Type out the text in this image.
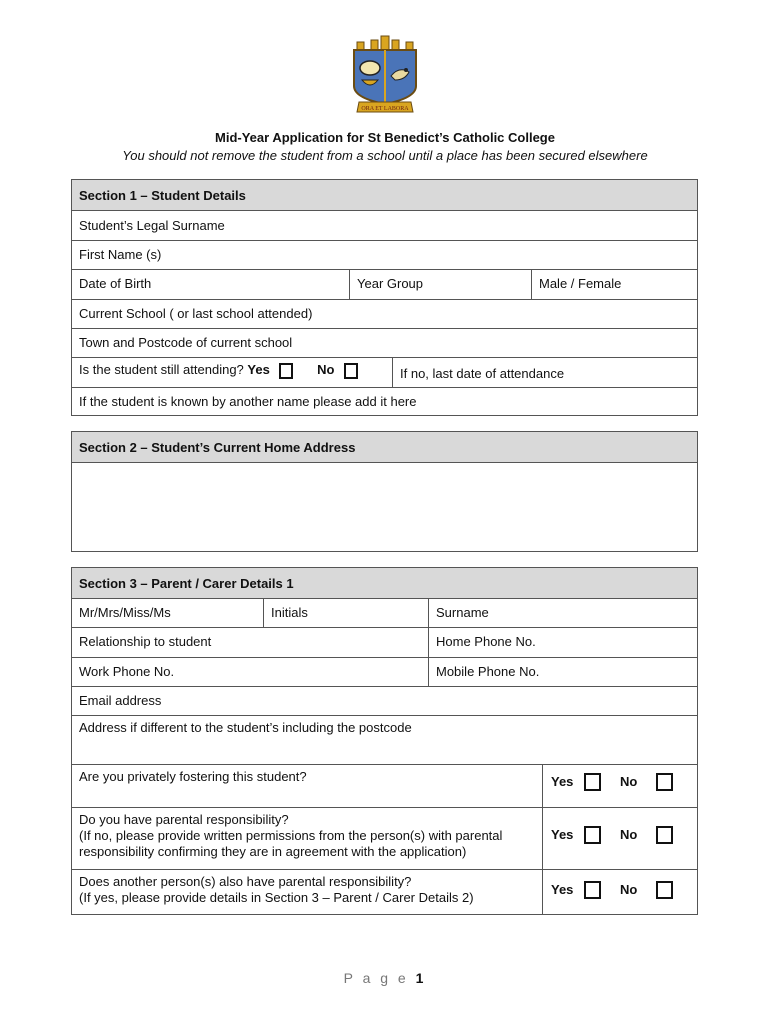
ORA ET LABORA
Mid-Year Application for St Benedict’s Catholic College
You should not remove the student from a school until a place has been secured elsewhere
Section 1 – Student Details
Student’s Legal Surname
First Name (s)
Date of Birth	Year Group	Male / Female
Current School ( or last school attended)
Town and Postcode of current school
Is the student still attending? Yes	No	If no, last date of attendance
If the student is known by another name please add it here
Section 2 – Student’s Current Home Address
Section 3 – Parent / Carer Details 1
Mr/Mrs/Miss/Ms	Initials	Surname
Relationship to student	Home Phone No.
Work Phone No.	Mobile Phone No.
Email address
Address if different to the student’s including the postcode
Are you privately fostering this student?	Yes	No
Do you have parental responsibility?
(If no, please provide written permissions from the person(s) with parental
responsibility confirming they are in agreement with the application)
Yes	No
Does another person(s) also have parental responsibility?
(If yes, please provide details in Section 3 – Parent / Carer Details 2)
Yes	No
P a g e 1
